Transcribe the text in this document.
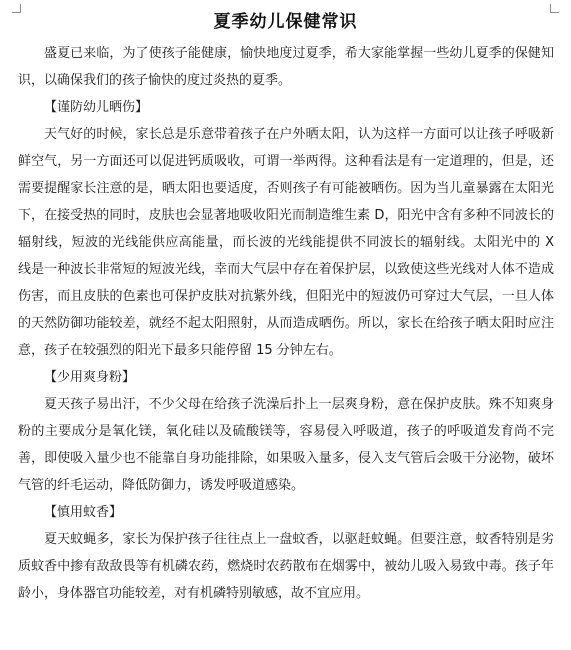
夏季幼儿保健常识

盛夏已来临，为了使孩子能健康，愉快地度过夏季，希大家能掌握一些幼儿夏季的保健知识，以确保我们的孩子愉快的度过炎热的夏季。

【谨防幼儿晒伤】

天气好的时候，家长总是乐意带着孩子在户外晒太阳，认为这样一方面可以让孩子呼吸新鲜空气，另一方面还可以促进钙质吸收，可谓一举两得。这种看法是有一定道理的，但是，还需要提醒家长注意的是，晒太阳也要适度，否则孩子有可能被晒伤。因为当儿童暴露在太阳光下，在接受热的同时，皮肤也会显著地吸收阳光而制造维生素 D，阳光中含有多种不同波长的辐射线，短波的光线能供应高能量，而长波的光线能提供不同波长的辐射线。太阳光中的 X 线是一种波长非常短的短波光线，幸而大气层中存在着保护层，以致使这些光线对人体不造成伤害，而且皮肤的色素也可保护皮肤对抗紫外线，但阳光中的短波仍可穿过大气层，一旦人体的天然防御功能较差，就经不起太阳照射，从而造成晒伤。所以，家长在给孩子晒太阳时应注意，孩子在较强烈的阳光下最多只能停留 15 分钟左右。

【少用爽身粉】

夏天孩子易出汗，不少父母在给孩子洗澡后扑上一层爽身粉，意在保护皮肤。殊不知爽身粉的主要成分是氧化镁，氧化硅以及硫酸镁等，容易侵入呼吸道，孩子的呼吸道发育尚不完善，即使吸入量少也不能靠自身功能排除，如果吸入量多，侵入支气管后会吸干分泌物，破坏气管的纤毛运动，降低防御力，诱发呼吸道感染。

【慎用蚊香】

夏天蚊蝇多，家长为保护孩子往往点上一盘蚊香，以驱赶蚊蝇。但要注意，蚊香特别是劣质蚊香中掺有敌敌畏等有机磷农药，燃烧时农药散布在烟雾中，被幼儿吸入易致中毒。孩子年龄小，身体器官功能较差，对有机磷特别敏感，故不宜应用。
